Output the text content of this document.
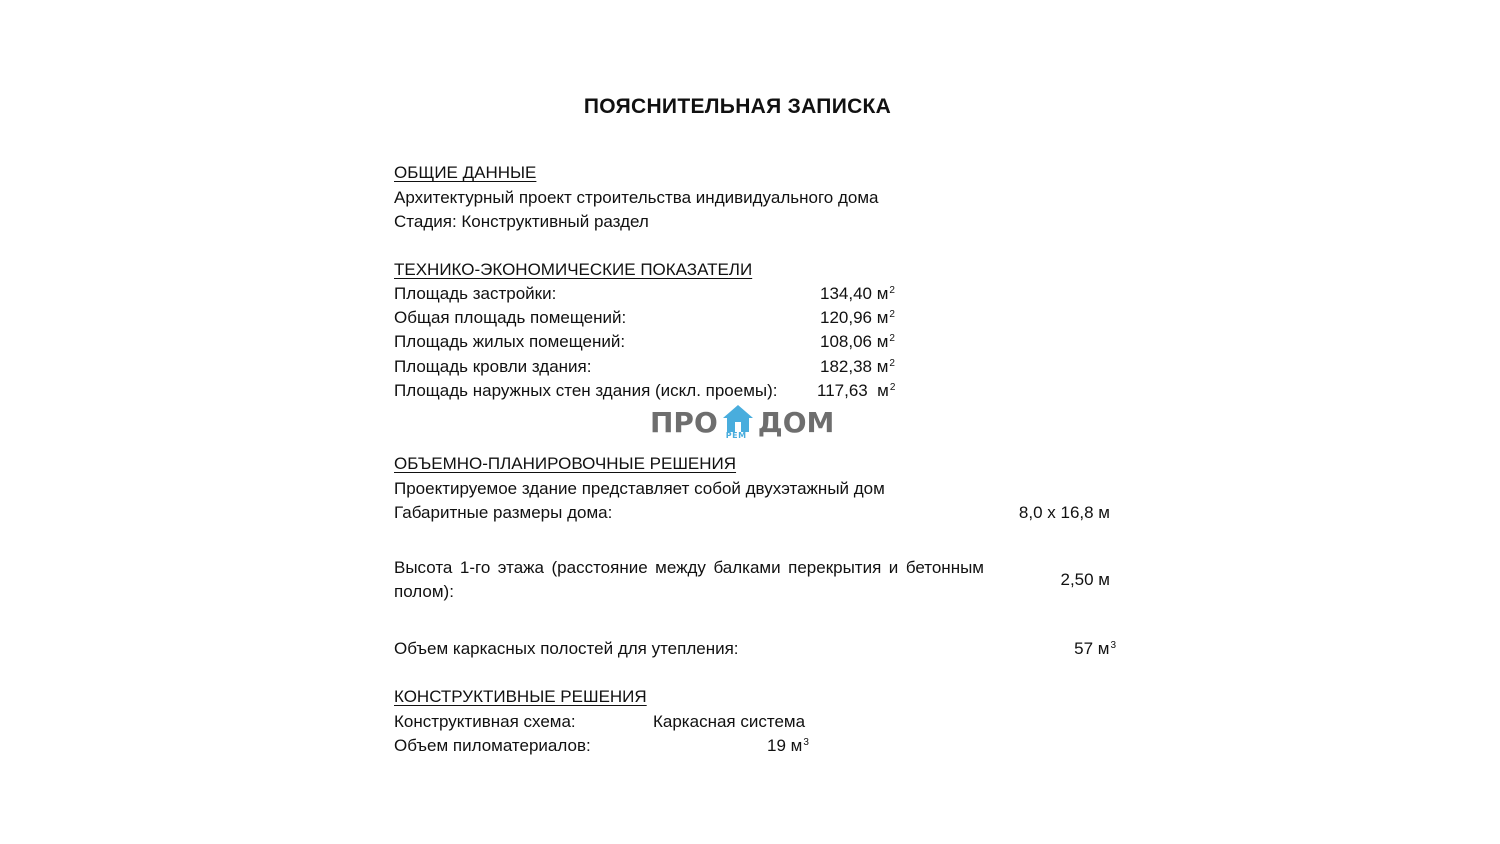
ПОЯСНИТЕЛЬНАЯ ЗАПИСКА
ОБЩИЕ ДАННЫЕ
Архитектурный проект строительства индивидуального дома
Стадия: Конструктивный раздел
ТЕХНИКО-ЭКОНОМИЧЕСКИЕ ПОКАЗАТЕЛИ
Площадь застройки:	134,40 $м^2$
Общая площадь помещений:	120,96 $м^2$
Площадь жилых помещений:	108,06 $м^2$
Площадь кровли здания:	182,38 $м^2$
Площадь наружных стен здания (искл. проемы): 117,63  $м^2$
ПРО РЕМ ДОМ
ОБЪЕМНО-ПЛАНИРОВОЧНЫЕ РЕШЕНИЯ
Проектируемое здание представляет собой двухэтажный дом
Габаритные размеры дома:	8,0 x 16,8 м
Высота 1-го этажа (расстояние между балками перекрытия и бетонным полом):
2,50 м
Объем каркасных полостей для утепления:	57 $м^3$
КОНСТРУКТИВНЫЕ РЕШЕНИЯ
Конструктивная схема:	Каркасная система
Объем пиломатериалов:	19 $м^3$
